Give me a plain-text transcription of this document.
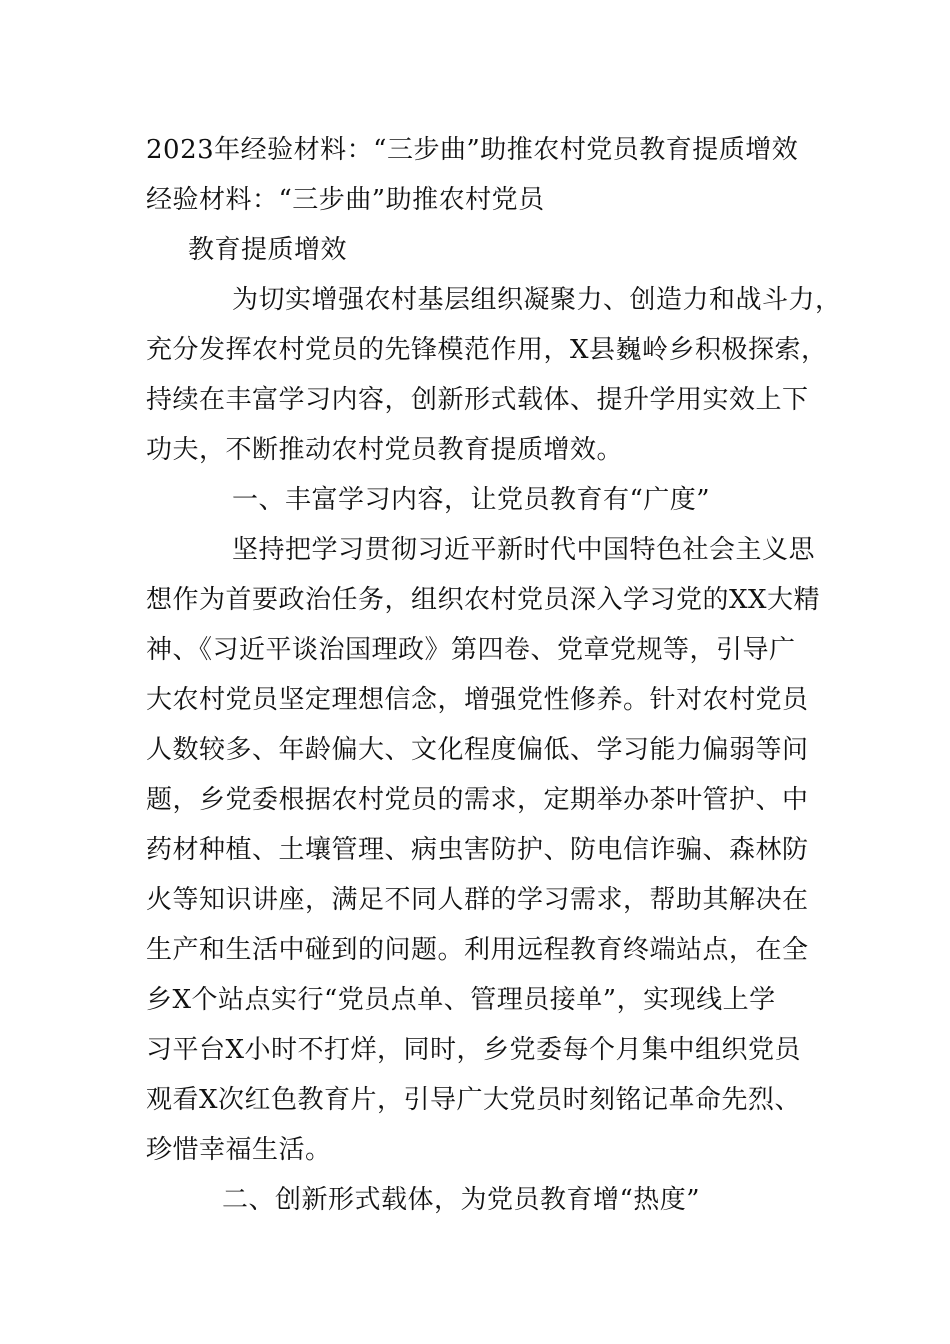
2023年经验材料：“三步曲”助推农村党员教育提质增效
经验材料：“三步曲”助推农村党员
教育提质增效
为切实增强农村基层组织凝聚力、创造力和战斗力，
充分发挥农村党员的先锋模范作用，X县巍岭乡积极探索，
持续在丰富学习内容，创新形式载体、提升学用实效上下
功夫，不断推动农村党员教育提质增效。
一、丰富学习内容，让党员教育有“广度”
坚持把学习贯彻习近平新时代中国特色社会主义思
想作为首要政治任务，组织农村党员深入学习党的XX大精
神、《习近平谈治国理政》第四卷、党章党规等，引导广
大农村党员坚定理想信念，增强党性修养。针对农村党员
人数较多、年龄偏大、文化程度偏低、学习能力偏弱等问
题，乡党委根据农村党员的需求，定期举办茶叶管护、中
药材种植、土壤管理、病虫害防护、防电信诈骗、森林防
火等知识讲座，满足不同人群的学习需求，帮助其解决在
生产和生活中碰到的问题。利用远程教育终端站点，在全
乡X个站点实行“党员点单、管理员接单”，实现线上学
习平台X小时不打烊，同时，乡党委每个月集中组织党员
观看X次红色教育片，引导广大党员时刻铭记革命先烈、
珍惜幸福生活。
二、创新形式载体，为党员教育增“热度”
